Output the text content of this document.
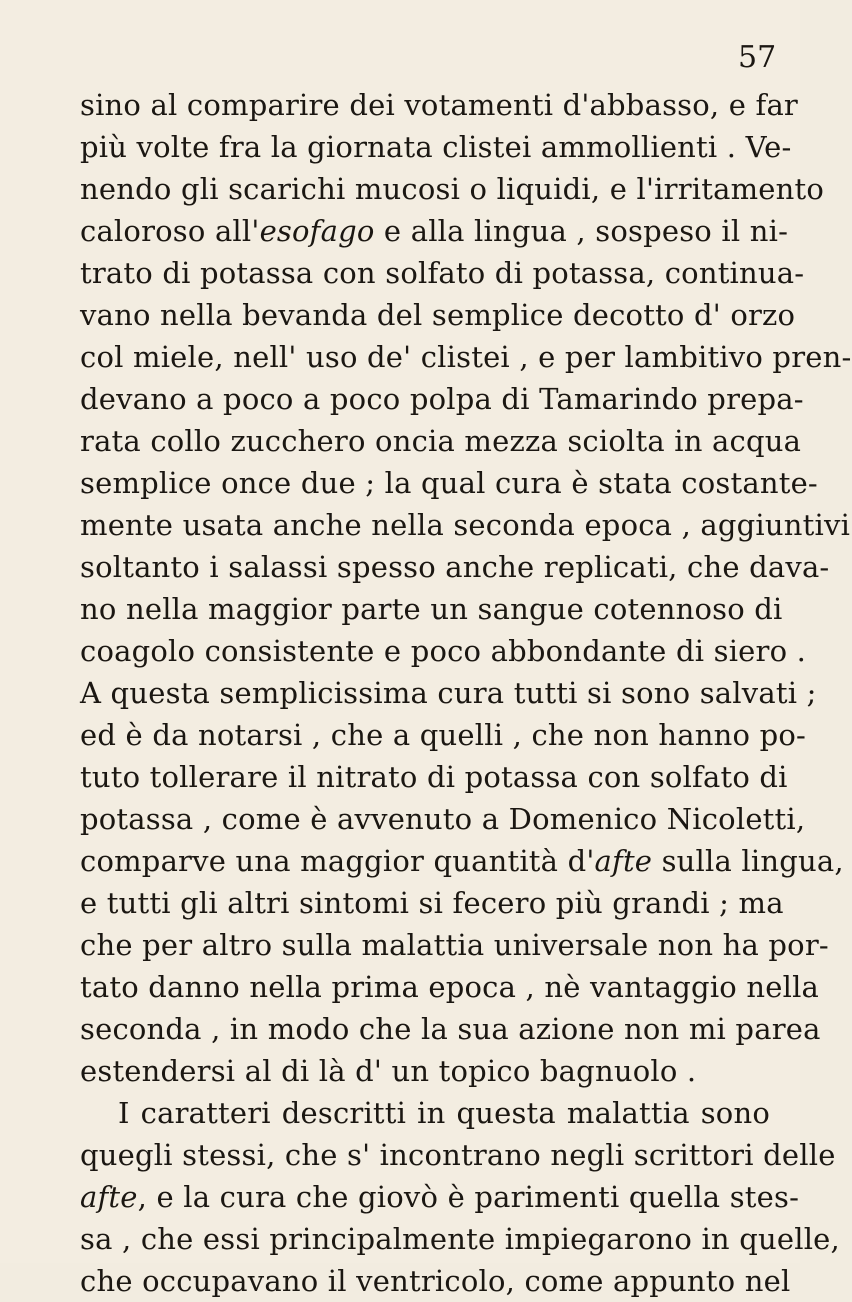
57
sino al comparire dei votamenti d'abbasso, e far
più volte fra la giornata clistei ammollienti . Ve-
nendo gli scarichi mucosi o liquidi, e l'irritamento
caloroso all'esofago e alla lingua , sospeso il ni-
trato di potassa con solfato di potassa, continua-
vano nella bevanda del semplice decotto d' orzo
col miele, nell' uso de' clistei , e per lambitivo pren-
devano a poco a poco polpa di Tamarindo prepa-
rata collo zucchero oncia mezza sciolta in acqua
semplice once due ; la qual cura è stata costante-
mente usata anche nella seconda epoca , aggiuntivi
soltanto i salassi spesso anche replicati, che dava-
no nella maggior parte un sangue cotennoso di
coagolo consistente e poco abbondante di siero .
A questa semplicissima cura tutti si sono salvati ;
ed è da notarsi , che a quelli , che non hanno po-
tuto tollerare il nitrato di potassa con solfato di
potassa , come è avvenuto a Domenico Nicoletti,
comparve una maggior quantità d'afte sulla lingua,
e tutti gli altri sintomi si fecero più grandi ; ma
che per altro sulla malattia universale non ha por-
tato danno nella prima epoca , nè vantaggio nella
seconda , in modo che la sua azione non mi parea
estendersi al di là d' un topico bagnuolo .
I caratteri descritti in questa malattia sono
quegli stessi, che s' incontrano negli scrittori delle
afte, e la cura che giovò è parimenti quella stes-
sa , che essi principalmente impiegarono in quelle,
che occupavano il ventricolo, come appunto nel
